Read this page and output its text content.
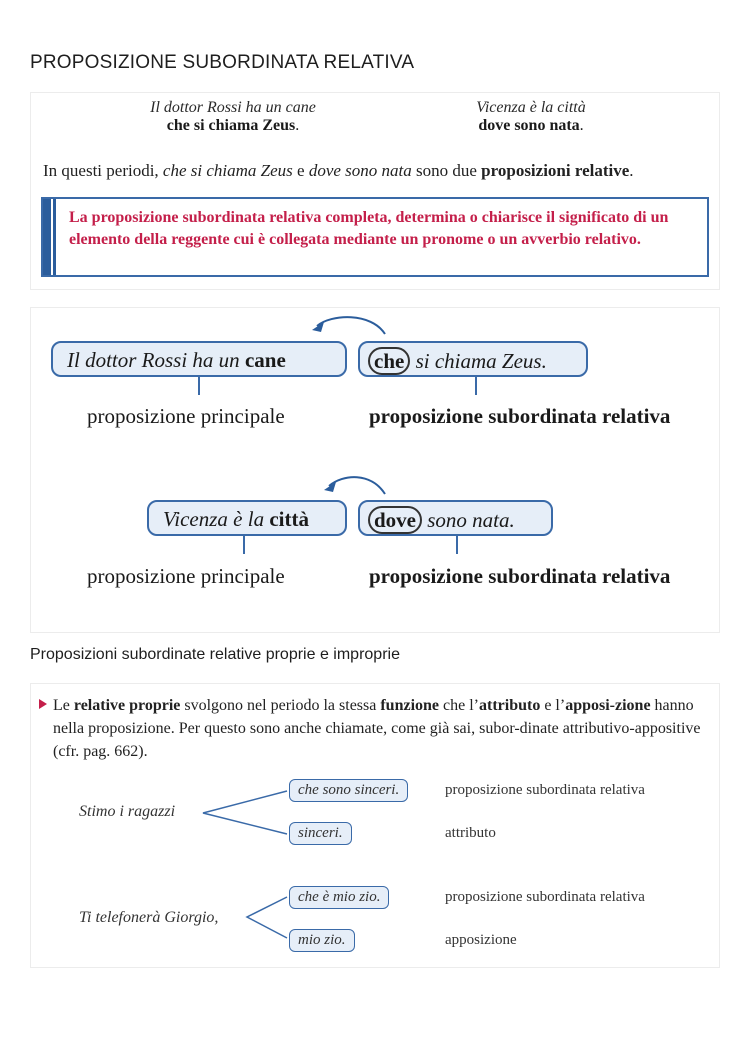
PROPOSIZIONE SUBORDINATA RELATIVA
Il dottor Rossi ha un cane
che si chiama Zeus.
Vicenza è la città
dove sono nata.
In questi periodi, che si chiama Zeus e dove sono nata sono due proposizioni relative.
La proposizione subordinata relativa completa, determina o chiarisce il significato di un elemento della reggente cui è collegata mediante un pronome o un avverbio relativo.
Il dottor Rossi ha un cane	che si chiama Zeus.
proposizione principale	proposizione subordinata relativa
Vicenza è la città	dove sono nata.
proposizione principale	proposizione subordinata relativa
Proposizioni subordinate relative proprie e improprie
Le relative proprie svolgono nel periodo la stessa funzione che l’attributo e l’apposi-zione hanno nella proposizione. Per questo sono anche chiamate, come già sai, subor-dinate attributivo-appositive (cfr. pag. 662).
Stimo i ragazzi
che sono sinceri.	proposizione subordinata relativa
sinceri.	attributo
Ti telefonerà Giorgio,
che è mio zio.	proposizione subordinata relativa
mio zio.	apposizione
